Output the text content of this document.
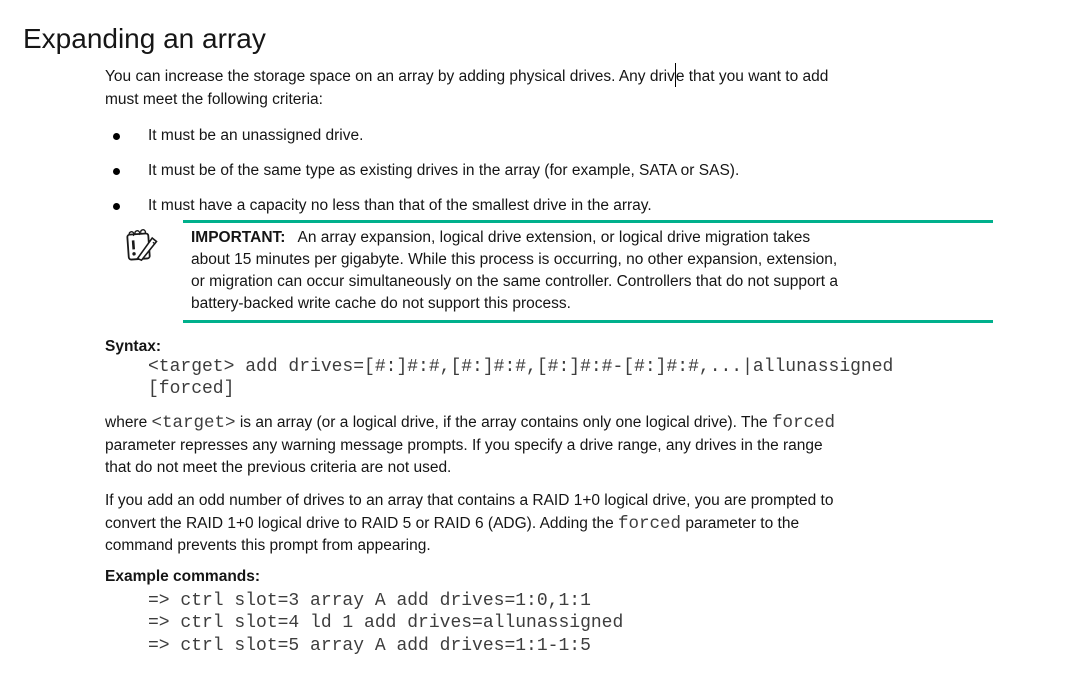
Expanding an array
You can increase the storage space on an array by adding physical drives. Any drive that you want to add
must meet the following criteria:
It must be an unassigned drive.
It must be of the same type as existing drives in the array (for example, SATA or SAS).
It must have a capacity no less than that of the smallest drive in the array.
IMPORTANT:   An array expansion, logical drive extension, or logical drive migration takes
about 15 minutes per gigabyte. While this process is occurring, no other expansion, extension,
or migration can occur simultaneously on the same controller. Controllers that do not support a
battery-backed write cache do not support this process.
Syntax:
<target> add drives=[#:]#:#,[#:]#:#,[#:]#:#-[#:]#:#,...|allunassigned
[forced]
where <target> is an array (or a logical drive, if the array contains only one logical drive). The forced
parameter represses any warning message prompts. If you specify a drive range, any drives in the range
that do not meet the previous criteria are not used.
If you add an odd number of drives to an array that contains a RAID 1+0 logical drive, you are prompted to
convert the RAID 1+0 logical drive to RAID 5 or RAID 6 (ADG). Adding the forced parameter to the
command prevents this prompt from appearing.
Example commands:
=> ctrl slot=3 array A add drives=1:0,1:1
=> ctrl slot=4 ld 1 add drives=allunassigned
=> ctrl slot=5 array A add drives=1:1-1:5
